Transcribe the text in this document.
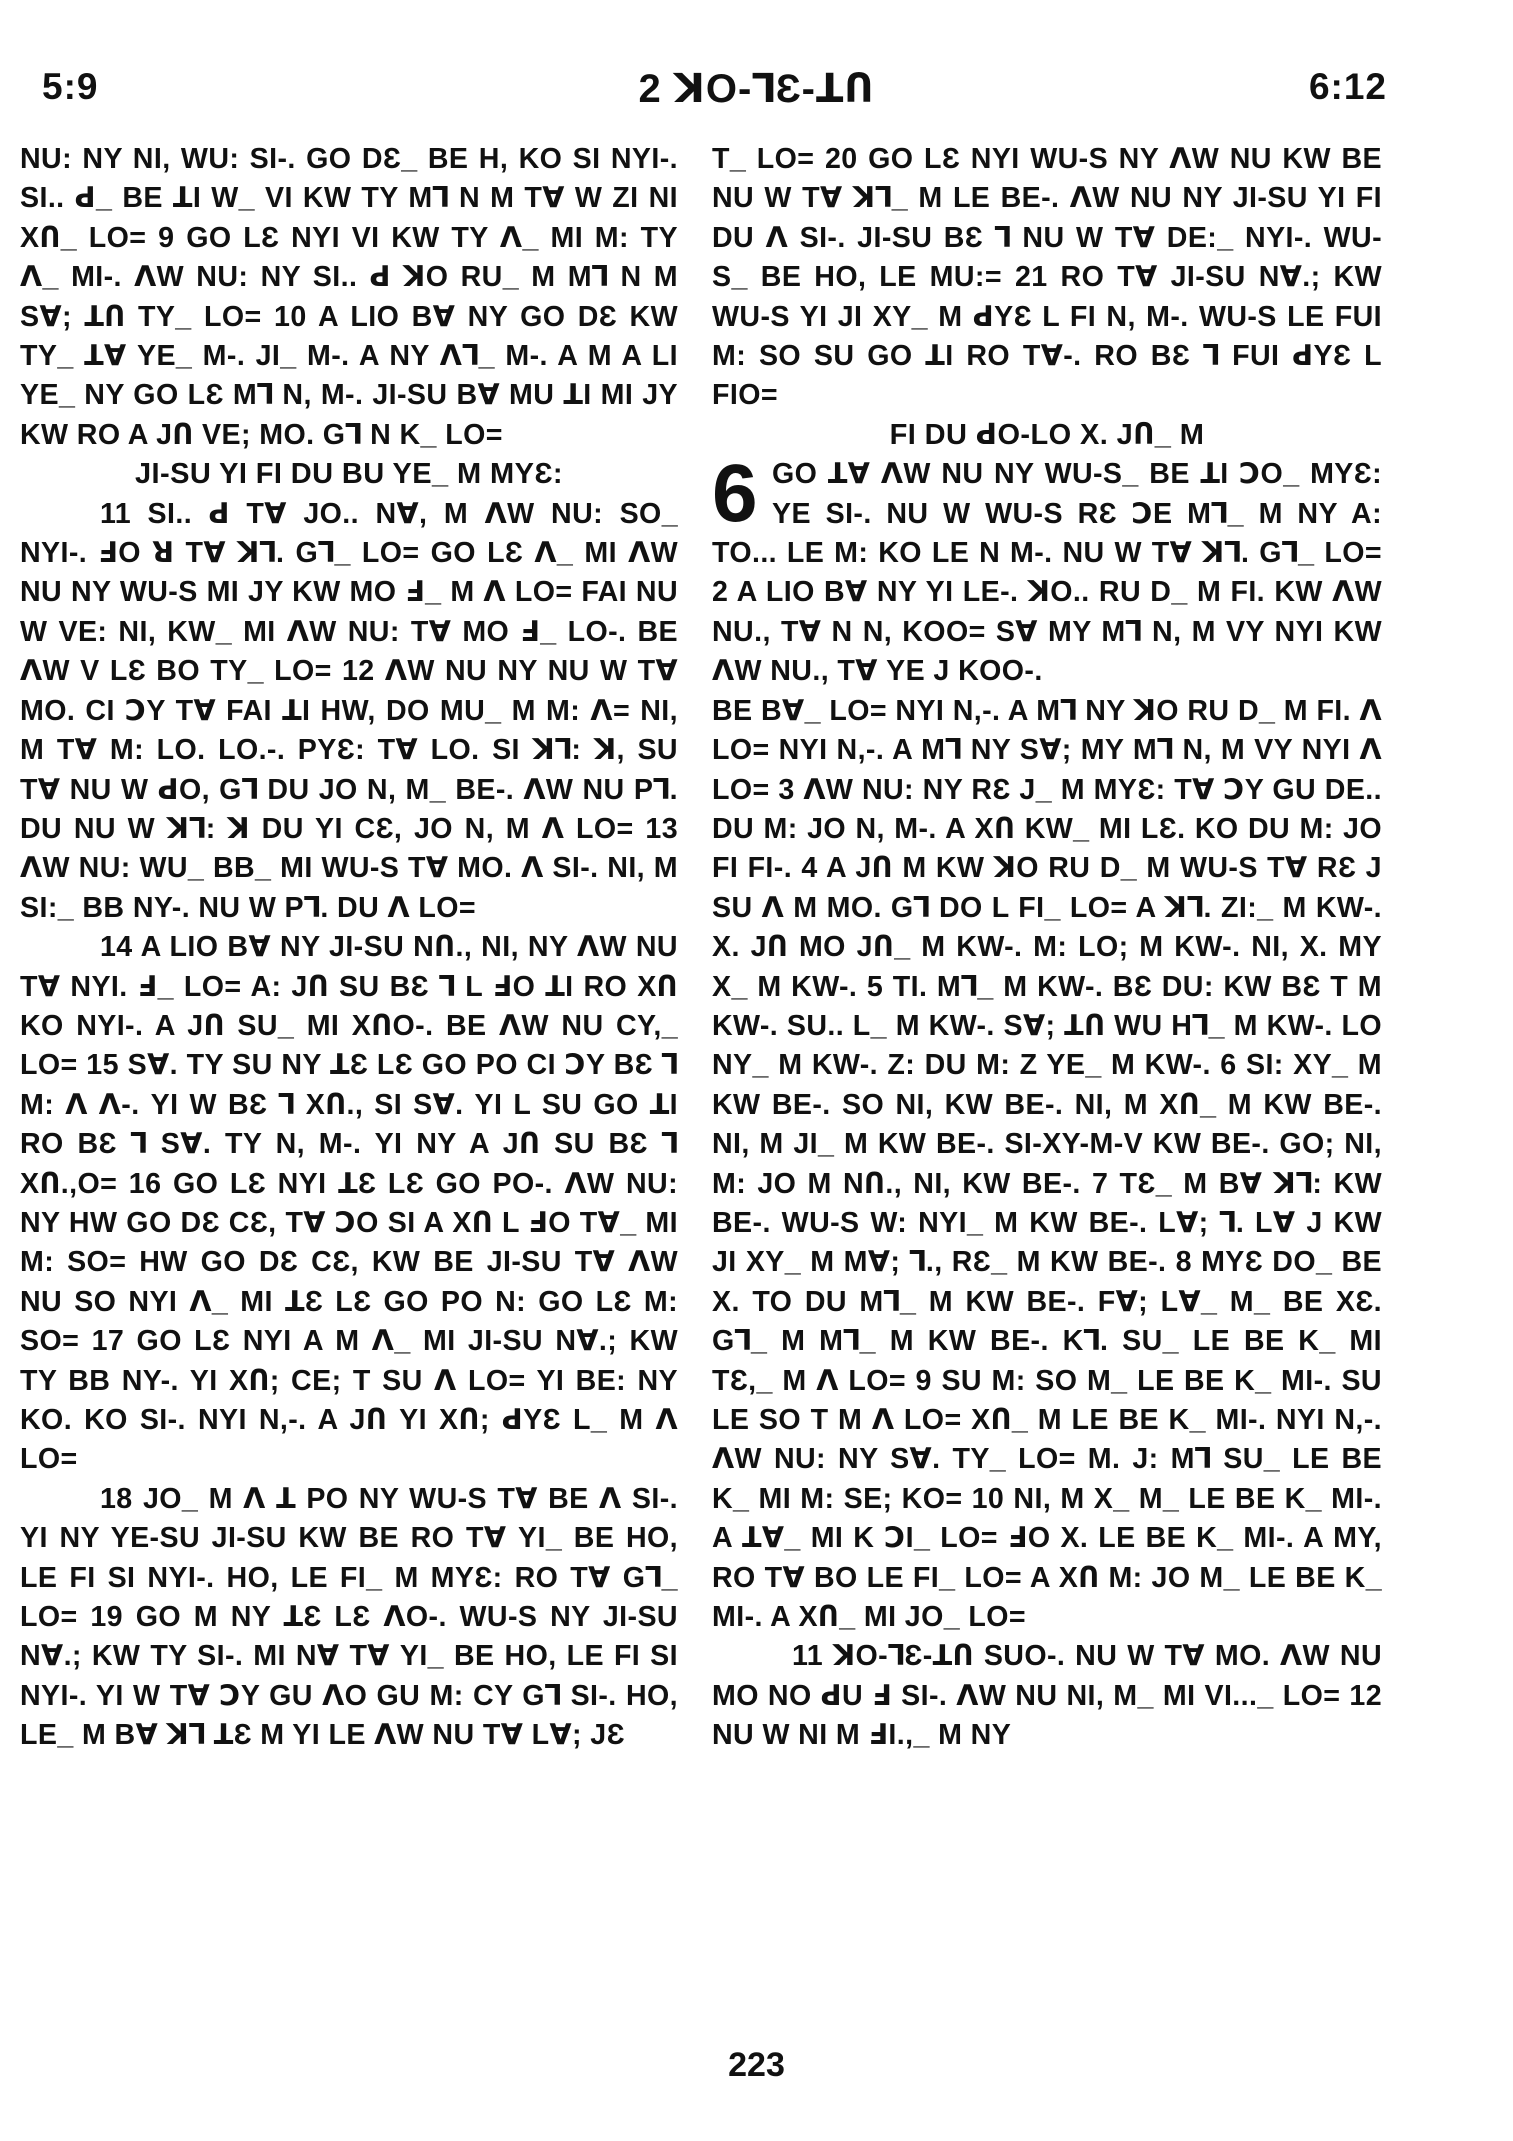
5:9	2 ꓘO-ꓶƐ-ꓕՈ	6:12

NU: NY NI, WU: SI-. GO DƐ_ BE H, KO SI NYI-. SI.. ꓒ_ BE ꓕI W_ VI KW TY Mꓶ N M Tꓯ W ZI NI XՈ_ LO= 9 GO LƐ NYI VI KW TY ꓥ_ MI M: TY ꓥ_ MI-. ꓥW NU: NY SI.. ꓒ ꓘO RU_ M Mꓶ N M Sꓯ; ꓕՈ TY_ LO= 10 A LIO Bꓯ NY GO DƐ KW TY_ ꓕꓯ YE_ M-. JI_ M-. A NY ꓥꓶ_ M-. A M A LI YE_ NY GO LƐ Mꓶ N, M-. JI-SU Bꓯ MU ꓕI MI JY KW RO A JՈ VE; MO. Gꓶ N K_ LO=

JI-SU YI FI DU BU YE_ M MYƐ:

11 SI.. ꓒ Tꓯ JO.. Nꓯ, M ꓥW NU: SO_ NYI-. ꓞO ꓤ Tꓯ ꓘꓶ. Gꓶ_ LO= GO LƐ ꓥ_ MI ꓥW NU NY WU-S MI JY KW MO ꓞ_ M ꓥ LO= FAI NU W VE: NI, KW_ MI ꓥW NU: Tꓯ MO ꓞ_ LO-. BE ꓥW V LƐ BO TY_ LO= 12 ꓥW NU NY NU W Tꓯ MO. CI ꓛY Tꓯ FAI ꓕI HW, DO MU_ M M: ꓥ= NI, M Tꓯ M: LO. LO.-. PYƐ: Tꓯ LO. SI ꓘꓶ: ꓘ, SU Tꓯ NU W ꓒO, Gꓶ DU JO N, M_ BE-. ꓥW NU Pꓶ. DU NU W ꓘꓶ: ꓘ DU YI CƐ, JO N, M ꓥ LO= 13 ꓥW NU: WU_ BB_ MI WU-S Tꓯ MO. ꓥ SI-. NI, M SI:_ BB NY-. NU W Pꓶ. DU ꓥ LO=

14 A LIO Bꓯ NY JI-SU NՈ., NI, NY ꓥW NU Tꓯ NYI. ꓞ_ LO= A: JՈ SU BƐ ꓶ L ꓞO ꓕI RO XՈ KO NYI-. A JՈ SU_ MI XՈO-. BE ꓥW NU CY,_ LO= 15 Sꓯ. TY SU NY ꓕƐ LƐ GO PO CI ꓛY BƐ ꓶ M: ꓥ ꓥ-. YI W BƐ ꓶ XՈ., SI Sꓯ. YI L SU GO ꓕI RO BƐ ꓶ Sꓯ. TY N, M-. YI NY A JՈ SU BƐ ꓶ XՈ.,O= 16 GO LƐ NYI ꓕƐ LƐ GO PO-. ꓥW NU: NY HW GO DƐ CƐ, Tꓯ ꓛO SI A XՈ L ꓞO Tꓯ_ MI M: SO= HW GO DƐ CƐ, KW BE JI-SU Tꓯ ꓥW NU SO NYI ꓥ_ MI ꓕƐ LƐ GO PO N: GO LƐ M: SO= 17 GO LƐ NYI A M ꓥ_ MI JI-SU Nꓯ.; KW TY BB NY-. YI XՈ; CE; T SU ꓥ LO= YI BE: NY KO. KO SI-. NYI N,-. A JՈ YI XՈ; ꓒYƐ L_ M ꓥ LO=

18 JO_ M ꓥ ꓕ PO NY WU-S Tꓯ BE ꓥ SI-. YI NY YE-SU JI-SU KW BE RO Tꓯ YI_ BE HO, LE FI SI NYI-. HO, LE FI_ M MYƐ: RO Tꓯ Gꓶ_ LO= 19 GO M NY ꓕƐ LƐ ꓥO-. WU-S NY JI-SU Nꓯ.; KW TY SI-. MI Nꓯ Tꓯ YI_ BE HO, LE FI SI NYI-. YI W Tꓯ ꓛY GU ꓥO GU M: CY Gꓶ SI-. HO, LE_ M Bꓯ ꓘꓶ ꓕƐ M YI LE ꓥW NU Tꓯ Lꓯ; JƐ

T_ LO= 20 GO LƐ NYI WU-S NY ꓥW NU KW BE NU W Tꓯ ꓘꓶ_ M LE BE-. ꓥW NU NY JI-SU YI FI DU ꓥ SI-. JI-SU BƐ ꓶ NU W Tꓯ DE:_ NYI-. WU-S_ BE HO, LE MU:= 21 RO Tꓯ JI-SU Nꓯ.; KW WU-S YI JI XY_ M ꓒYƐ L FI N, M-. WU-S LE FUI M: SO SU GO ꓕI RO Tꓯ-. RO BƐ ꓶ FUI ꓒYƐ L FIO=

FI DU ꓒO-LO X. JՈ_ M

6 GO ꓕꓯ ꓥW NU NY WU-S_ BE ꓕI ꓛO_ MYƐ: YE SI-. NU W WU-S RƐ ꓛE Mꓶ_ M NY A: TO... LE M: KO LE N M-. NU W Tꓯ ꓘꓶ. Gꓶ_ LO= 2 A LIO Bꓯ NY YI LE-. ꓘO.. RU D_ M FI. KW ꓥW NU., Tꓯ N N, KOO= Sꓯ MY Mꓶ N, M VY NYI KW ꓥW NU., Tꓯ YE J KOO-.

BE Bꓯ_ LO= NYI N,-. A Mꓶ NY ꓘO RU D_ M FI. ꓥ LO= NYI N,-. A Mꓶ NY Sꓯ; MY Mꓶ N, M VY NYI ꓥ LO= 3 ꓥW NU: NY RƐ J_ M MYƐ: Tꓯ ꓛY GU DE.. DU M: JO N, M-. A XՈ KW_ MI LƐ. KO DU M: JO FI FI-. 4 A JՈ M KW ꓘO RU D_ M WU-S Tꓯ RƐ J SU ꓥ M MO. Gꓶ DO L FI_ LO= A ꓘꓶ. ZI:_ M KW-. X. JՈ MO JՈ_ M KW-. M: LO; M KW-. NI, X. MY X_ M KW-. 5 TI. Mꓶ_ M KW-. BƐ DU: KW BƐ T M KW-. SU.. L_ M KW-. Sꓯ; ꓕՈ WU Hꓶ_ M KW-. LO NY_ M KW-. Z: DU M: Z YE_ M KW-. 6 SI: XY_ M KW BE-. SO NI, KW BE-. NI, M XՈ_ M KW BE-. NI, M JI_ M KW BE-. SI-XY-M-V KW BE-. GO; NI, M: JO M NՈ., NI, KW BE-. 7 TƐ_ M Bꓯ ꓘꓶ: KW BE-. WU-S W: NYI_ M KW BE-. Lꓯ; ꓶ. Lꓯ J KW JI XY_ M Mꓯ; ꓶ., RƐ_ M KW BE-. 8 MYƐ DO_ BE X. TO DU Mꓶ_ M KW BE-. Fꓯ; Lꓯ_ M_ BE XƐ. Gꓶ_ M Mꓶ_ M KW BE-. Kꓶ. SU_ LE BE K_ MI TƐ,_ M ꓥ LO= 9 SU M: SO M_ LE BE K_ MI-. SU LE SO T M ꓥ LO= XՈ_ M LE BE K_ MI-. NYI N,-. ꓥW NU: NY Sꓯ. TY_ LO= M. J: Mꓶ SU_ LE BE K_ MI M: SE; KO= 10 NI, M X_ M_ LE BE K_ MI-. A ꓕꓯ_ MI K ꓛI_ LO= ꓞO X. LE BE K_ MI-. A MY, RO Tꓯ BO LE FI_ LO= A XՈ M: JO M_ LE BE K_ MI-. A XՈ_ MI JO_ LO=

11 ꓘO-ꓶƐ-ꓕՈ SUO-. NU W Tꓯ MO. ꓥW NU MO NO ꓒU ꓞ SI-. ꓥW NU NI, M_ MI VI..._ LO= 12 NU W NI M ꓞI.,_ M NY

223
